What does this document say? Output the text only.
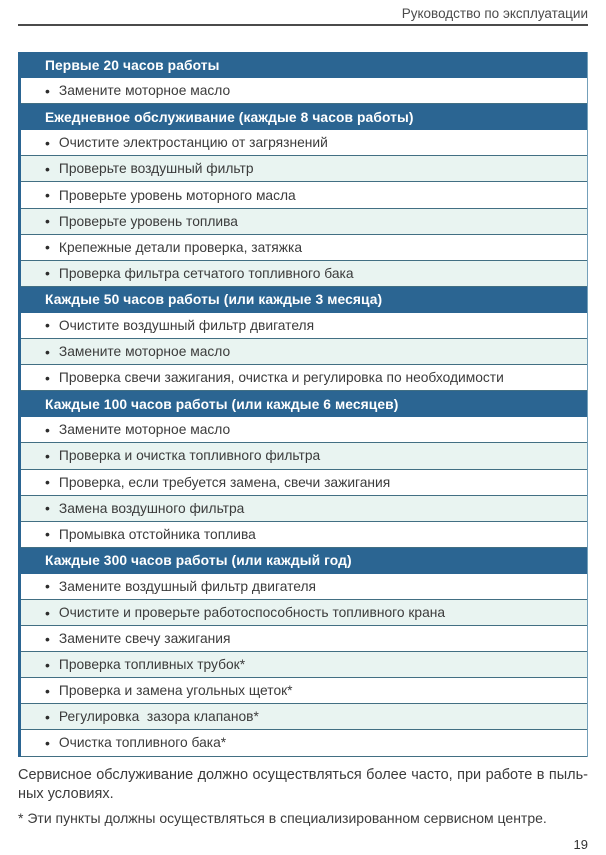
Руководство по эксплуатации
Первые 20 часов работы
• Замените моторное масло
Ежедневное обслуживание (каждые 8 часов работы)
• Очистите электростанцию от загрязнений
• Проверьте воздушный фильтр
• Проверьте уровень моторного масла
• Проверьте уровень топлива
• Крепежные детали проверка, затяжка
• Проверка фильтра сетчатого топливного бака
Каждые 50 часов работы (или каждые 3 месяца)
• Очистите воздушный фильтр двигателя
• Замените моторное масло
• Проверка свечи зажигания, очистка и регулировка по необходимости
Каждые 100 часов работы (или каждые 6 месяцев)
• Замените моторное масло
• Проверка и очистка топливного фильтра
• Проверка, если требуется замена, свечи зажигания
• Замена воздушного фильтра
• Промывка отстойника топлива
Каждые 300 часов работы (или каждый год)
• Замените воздушный фильтр двигателя
• Очистите и проверьте работоспособность топливного крана
• Замените свечу зажигания
• Проверка топливных трубок*
• Проверка и замена угольных щеток*
• Регулировка  зазора клапанов*
• Очистка топливного бака*
Сервисное обслуживание должно осуществляться более часто, при работе в пыль-
ных условиях.
* Эти пункты должны осуществляться в специализированном сервисном центре.
19
